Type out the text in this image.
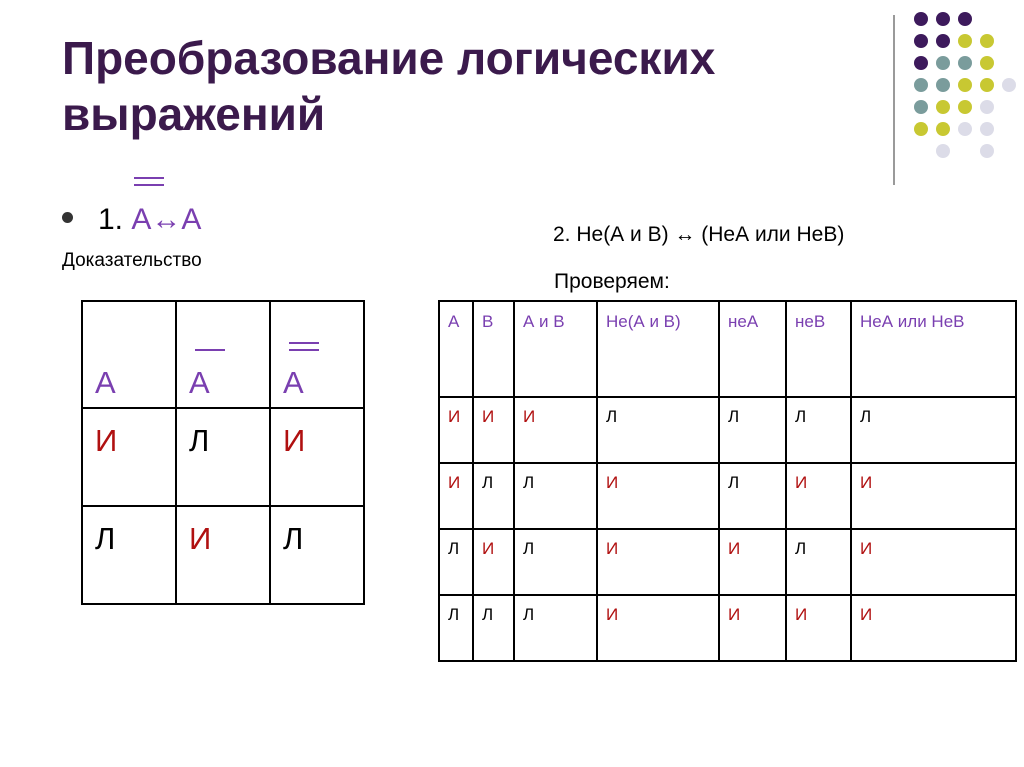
Преобразование логических выражений
1. А↔А
Доказательство
2. Не(А и В) ↔ (НеА или НеВ)
Проверяем:
А	А	А

И	Л	И

Л	И	Л
А	В	А и В	Не(А и В)	неА	неВ	НеА или НеВ
И	И	И	Л	Л	Л	Л
И	Л	Л	И	Л	И	И
Л	И	Л	И	И	Л	И
Л	Л	Л	И	И	И	И
